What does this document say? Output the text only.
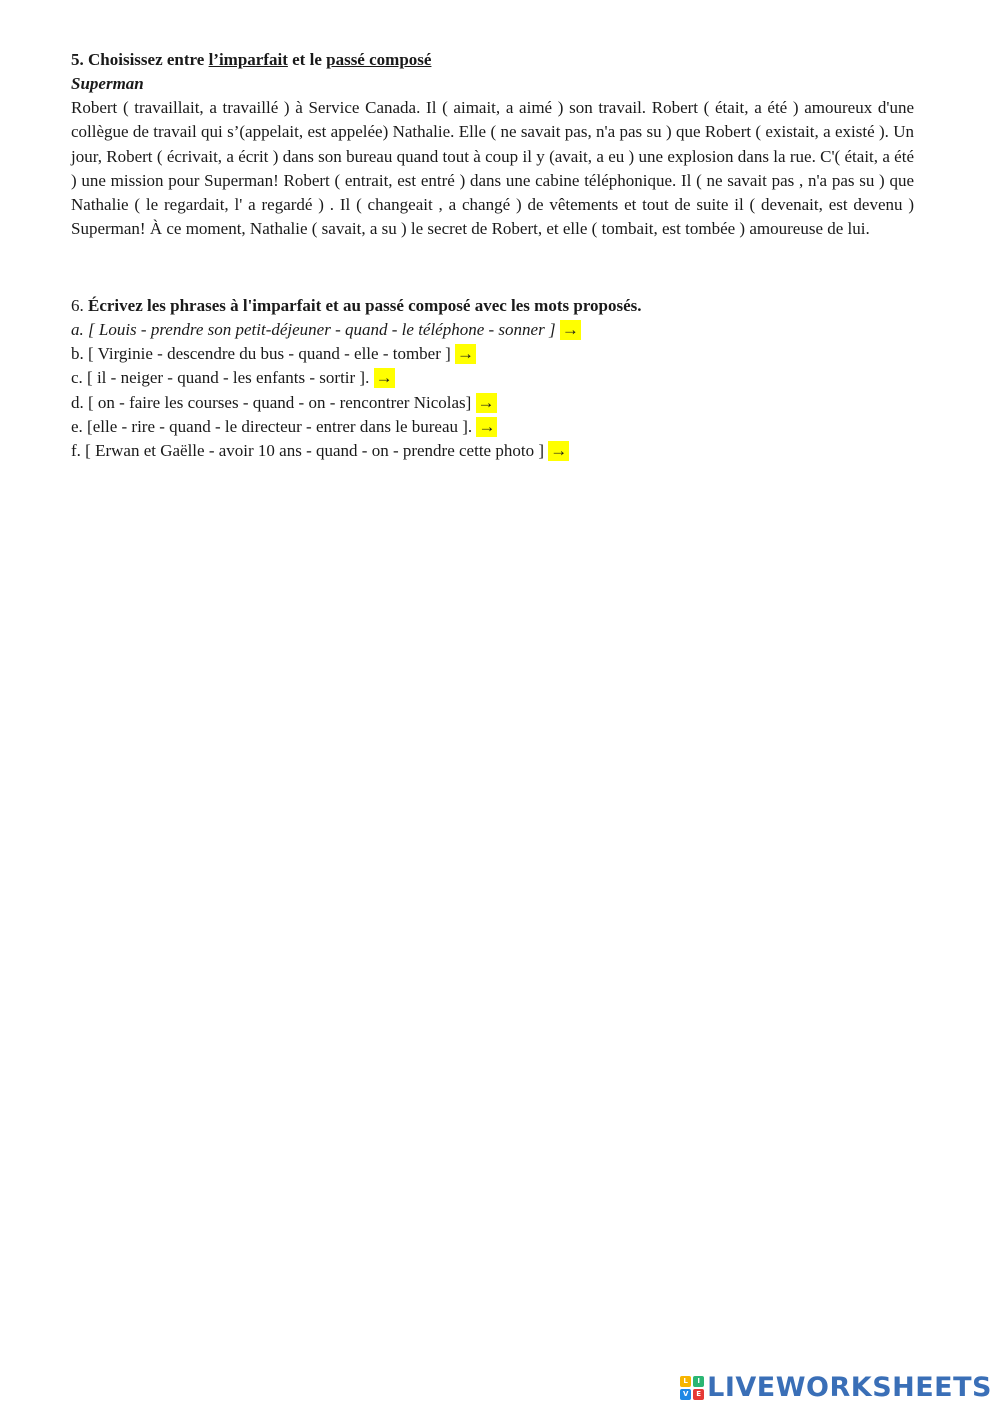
5. Choisissez entre l’imparfait et le passé composé
Superman

Robert ( travaillait, a travaillé ) à Service Canada. Il ( aimait, a aimé ) son travail. Robert ( était, a été ) amoureux d'une collègue de travail qui s’(appelait, est appelée) Nathalie. Elle ( ne savait pas, n'a pas su ) que Robert ( existait, a existé ). Un jour, Robert ( écrivait, a écrit ) dans son bureau quand tout à coup il y (avait, a eu ) une explosion dans la rue. C'( était, a été ) une mission pour Superman! Robert ( entrait, est entré ) dans une cabine téléphonique. Il ( ne savait pas , n'a pas su ) que Nathalie ( le regardait, l' a regardé ) . Il ( changeait , a changé ) de vêtements et tout de suite il ( devenait, est devenu ) Superman! À ce moment, Nathalie ( savait, a su ) le secret de Robert, et elle ( tombait, est tombée ) amoureuse de lui.

6. Écrivez les phrases à l'imparfait et au passé composé avec les mots proposés.
a. [ Louis - prendre son petit-déjeuner - quand - le téléphone - sonner ] →
b. [ Virginie - descendre du bus - quand - elle - tomber ] →
c. [ il - neiger - quand - les enfants - sortir ]. →
d. [ on - faire les courses - quand - on - rencontrer Nicolas] →
e. [elle - rire - quand - le directeur - entrer dans le bureau ]. →
f. [ Erwan et Gaëlle - avoir 10 ans - quand - on - prendre cette photo ] →
L	I
V	E LIVEWORKSHEETS
